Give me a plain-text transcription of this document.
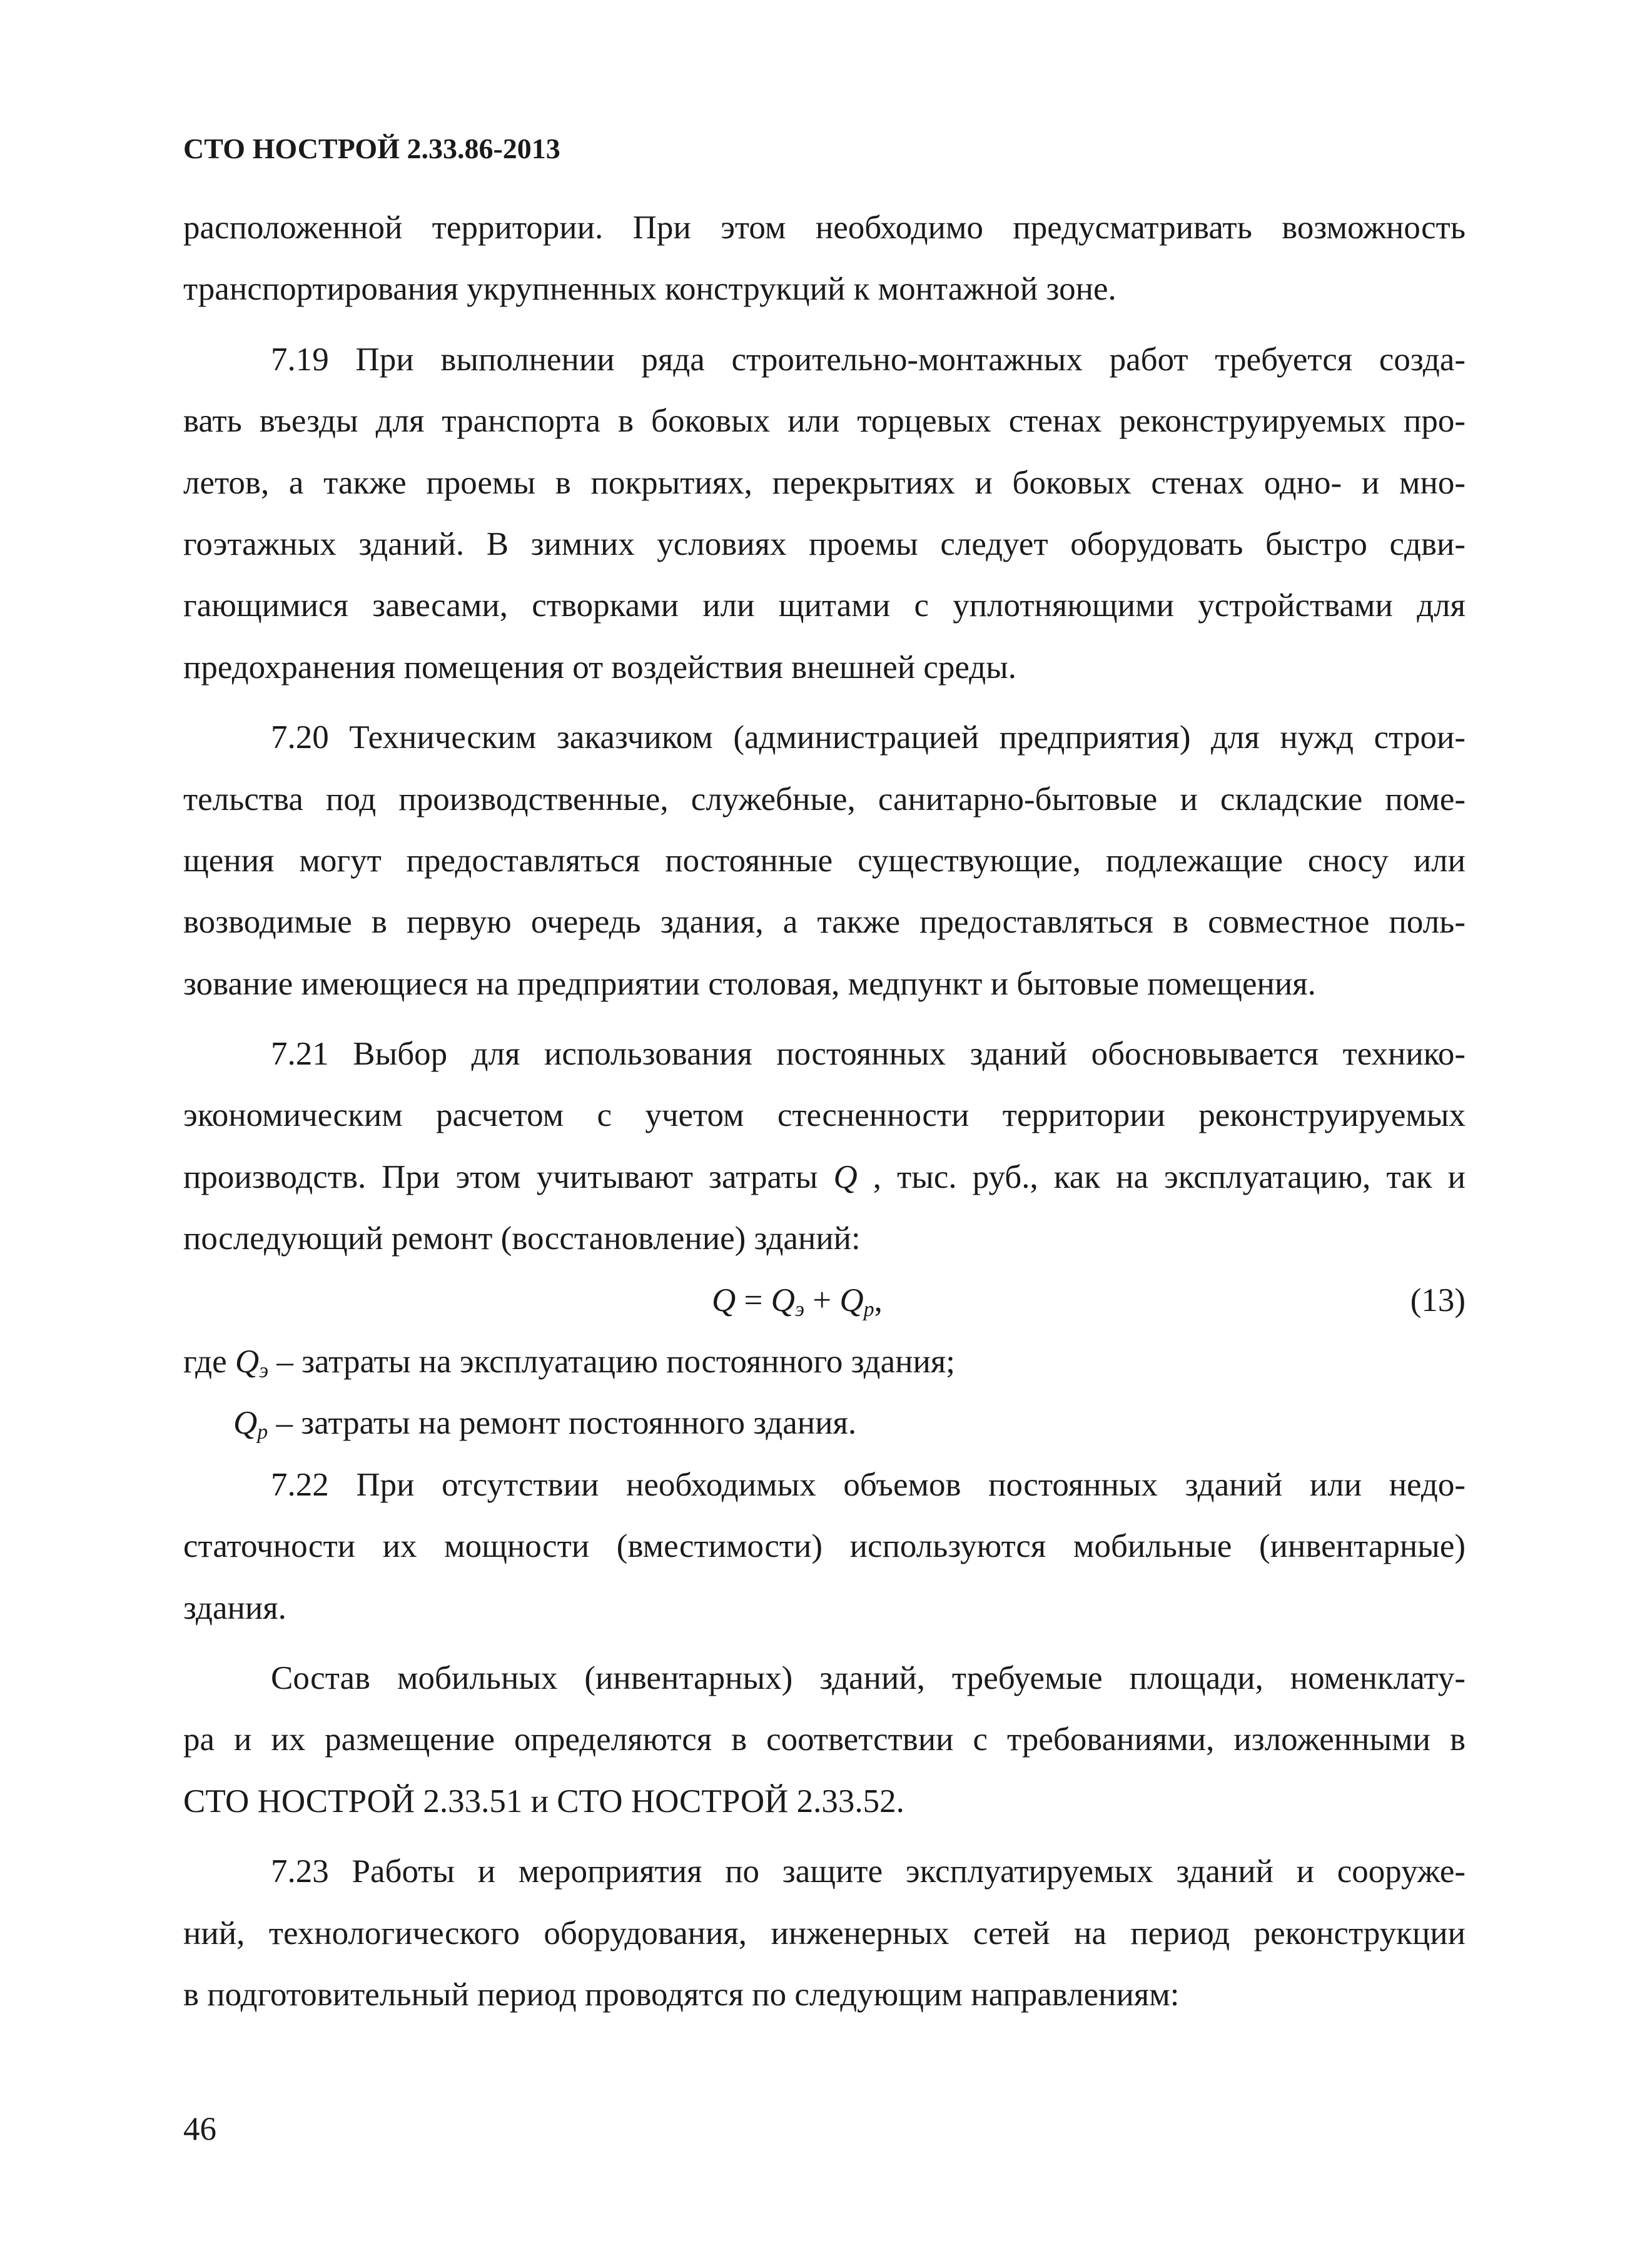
СТО НОСТРОЙ 2.33.86-2013
расположенной территории. При этом необходимо предусматривать возможность
транспортирования укрупненных конструкций к монтажной зоне.
7.19 При выполнении ряда строительно-монтажных работ требуется созда-
вать въезды для транспорта в боковых или торцевых стенах реконструируемых про-
летов, а также проемы в покрытиях, перекрытиях и боковых стенах одно- и мно-
гоэтажных зданий. В зимних условиях проемы следует оборудовать быстро сдви-
гающимися завесами, створками или щитами с уплотняющими устройствами для
предохранения помещения от воздействия внешней среды.
7.20 Техническим заказчиком (администрацией предприятия) для нужд строи-
тельства под производственные, служебные, санитарно-бытовые и складские поме-
щения могут предоставляться постоянные существующие, подлежащие сносу или
возводимые в первую очередь здания, а также предоставляться в совместное поль-
зование имеющиеся на предприятии столовая, медпункт и бытовые помещения.
7.21 Выбор для использования постоянных зданий обосновывается технико-
экономическим расчетом с учетом стесненности территории реконструируемых
производств. При этом учитывают затраты Q , тыс. руб., как на эксплуатацию, так и
последующий ремонт (восстановление) зданий:
$Q = Q_э + Q_р$,	(13)
где $Q_э$ – затраты на эксплуатацию постоянного здания;
$Q_р$ – затраты на ремонт постоянного здания.
7.22 При отсутствии необходимых объемов постоянных зданий или недо-
статочности их мощности (вместимости) используются мобильные (инвентарные)
здания.
Состав мобильных (инвентарных) зданий, требуемые площади, номенклату-
ра и их размещение определяются в соответствии с требованиями, изложенными в
СТО НОСТРОЙ 2.33.51 и СТО НОСТРОЙ 2.33.52.
7.23 Работы и мероприятия по защите эксплуатируемых зданий и сооруже-
ний, технологического оборудования, инженерных сетей на период реконструкции
в подготовительный период проводятся по следующим направлениям:
46
